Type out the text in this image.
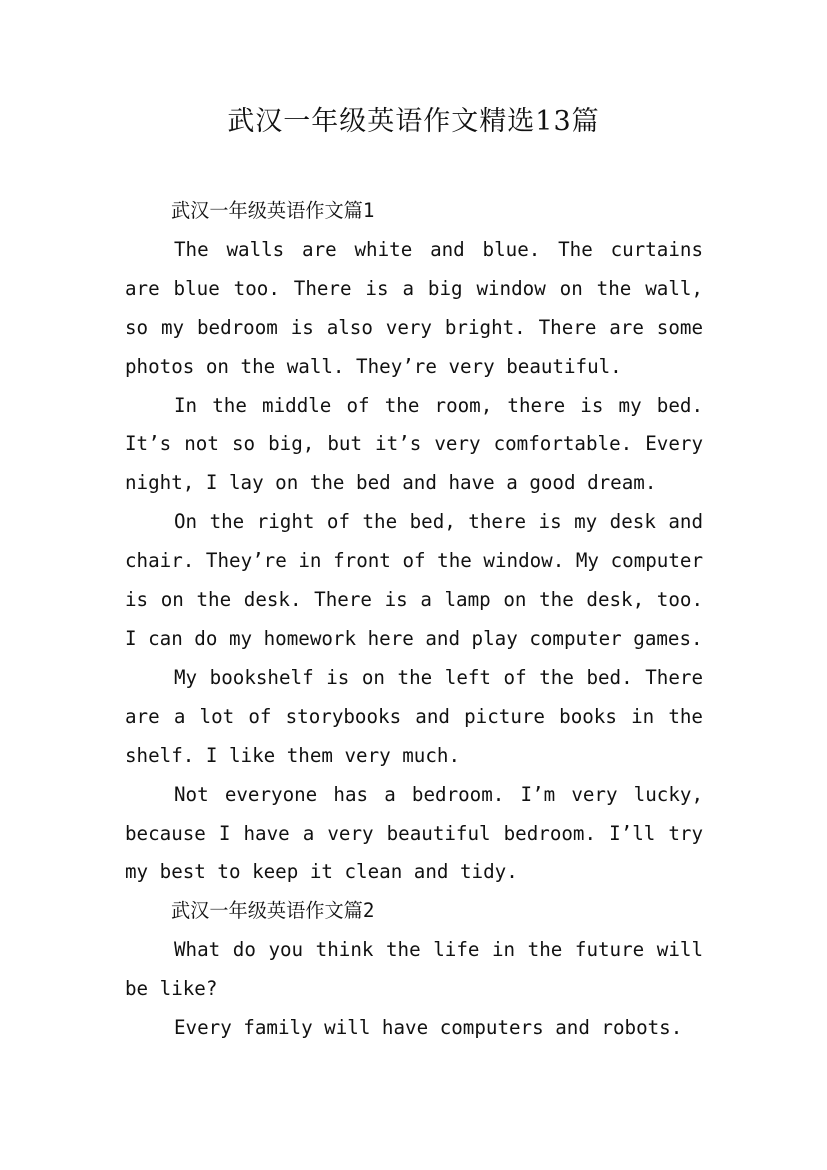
武汉一年级英语作文精选13篇

武汉一年级英语作文篇1

The walls are white and blue. The curtains are blue too. There is a big window on the wall, so my bedroom is also very bright. There are some photos on the wall. They’re very beautiful.

In the middle of the room, there is my bed. It’s not so big, but it’s very comfortable. Every night, I lay on the bed and have a good dream.

On the right of the bed, there is my desk and chair. They’re in front of the window. My computer is on the desk. There is a lamp on the desk, too. I can do my homework here and play computer games.

My bookshelf is on the left of the bed. There are a lot of storybooks and picture books in the shelf. I like them very much.

Not everyone has a bedroom. I’m very lucky, because I have a very beautiful bedroom. I’ll try my best to keep it clean and tidy.

武汉一年级英语作文篇2

What do you think the life in the future will be like?

Every family will have computers and robots.
